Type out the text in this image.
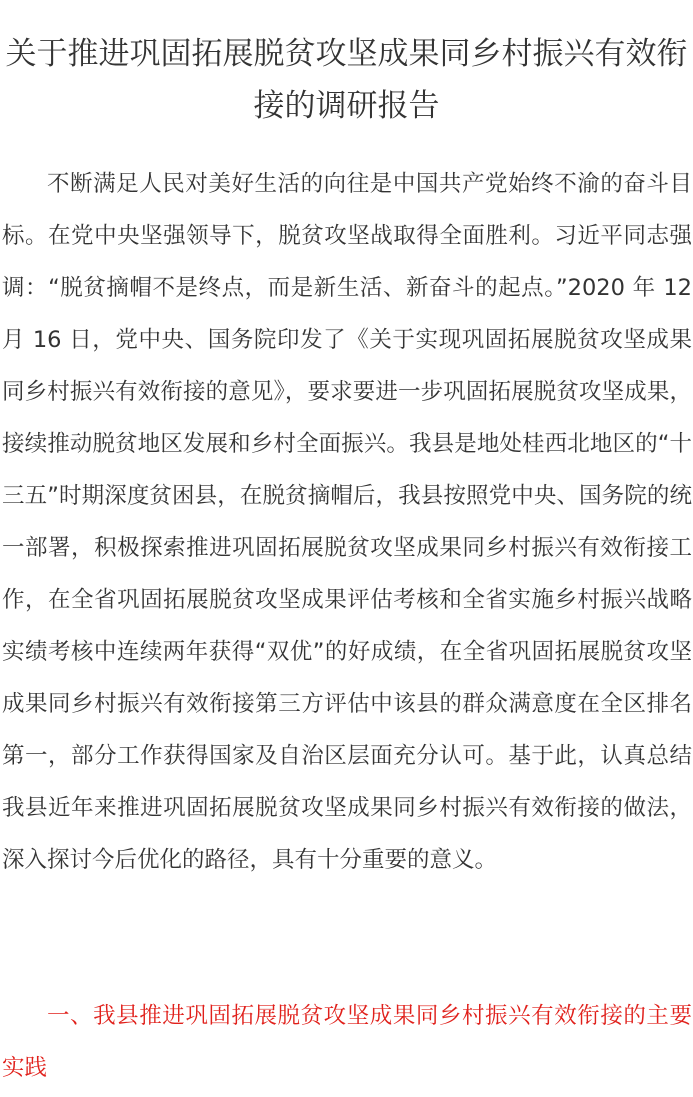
关于推进巩固拓展脱贫攻坚成果同乡村振兴有效衔接的调研报告

不断满足人民对美好生活的向往是中国共产党始终不渝的奋斗目标。在党中央坚强领导下，脱贫攻坚战取得全面胜利。习近平同志强调：“脱贫摘帽不是终点，而是新生活、新奋斗的起点。”2020 年 12 月 16 日，党中央、国务院印发了《关于实现巩固拓展脱贫攻坚成果同乡村振兴有效衔接的意见》，要求要进一步巩固拓展脱贫攻坚成果，接续推动脱贫地区发展和乡村全面振兴。我县是地处桂西北地区的“十三五”时期深度贫困县，在脱贫摘帽后，我县按照党中央、国务院的统一部署，积极探索推进巩固拓展脱贫攻坚成果同乡村振兴有效衔接工作，在全省巩固拓展脱贫攻坚成果评估考核和全省实施乡村振兴战略实绩考核中连续两年获得“双优”的好成绩，在全省巩固拓展脱贫攻坚成果同乡村振兴有效衔接第三方评估中该县的群众满意度在全区排名第一，部分工作获得国家及自治区层面充分认可。基于此，认真总结我县近年来推进巩固拓展脱贫攻坚成果同乡村振兴有效衔接的做法，深入探讨今后优化的路径，具有十分重要的意义。

一、我县推进巩固拓展脱贫攻坚成果同乡村振兴有效衔接的主要实践
